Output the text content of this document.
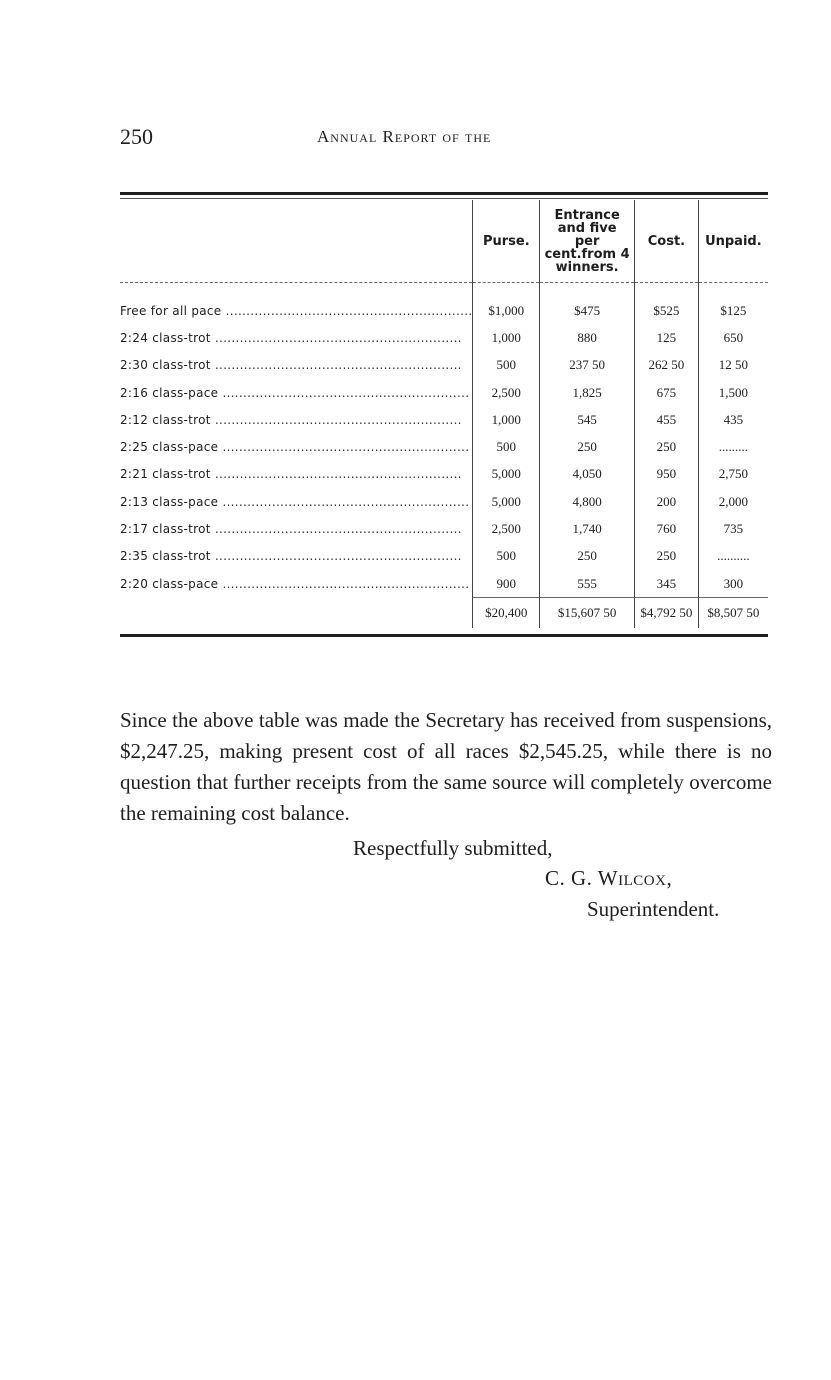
250	Annual Report of the
	Purse.	Entrance and five per cent.from 4 winners.	Cost.	Unpaid.
Free for all pace ............................................................	$1,000	$475	$525	$125
2:24 class-trot ............................................................	1,000	880	125	650
2:30 class-trot ............................................................	500	237 50	262 50	12 50
2:16 class-pace ............................................................	2,500	1,825	675	1,500
2:12 class-trot ............................................................	1,000	545	455	435
2:25 class-pace ............................................................	500	250	250	.........
2:21 class-trot ............................................................	5,000	4,050	950	2,750
2:13 class-pace ............................................................	5,000	4,800	200	2,000
2:17 class-trot ............................................................	2,500	1,740	760	735
2:35 class-trot ............................................................	500	250	250	..........
2:20 class-pace ............................................................	900	555	345	300
	$20,400	$15,607 50	$4,792 50	$8,507 50

Since the above table was made the Secretary has received from suspensions, $2,247.25, making present cost of all races $2,545.25, while there is no question that further receipts from the same source will completely overcome the remaining cost balance.

Respectfully submitted,
C. G. Wilcox,
Superintendent.
